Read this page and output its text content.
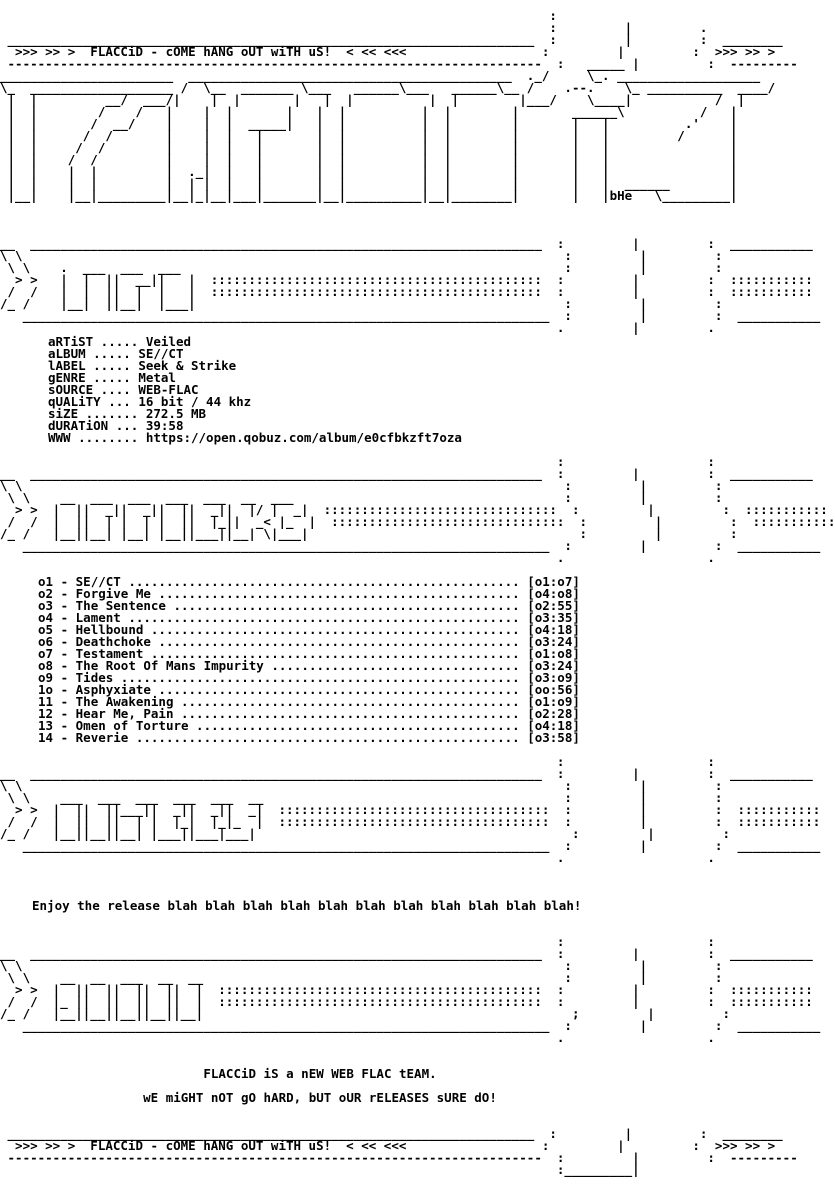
:
:         |         .
______________________________________________________________________  :         |         :  ________
>>> >> >  FLACCiD - cOME hANG oUT wiTH uS!  < << <<<                  :         |         :  >>> >> >
-----------------------------------------------------------------------  :   _____ |         :  ---------
_______________________  ___________________________________________  ._/     \_. ___________________
\_  ___________________ /  \__  _______ \___   ______\___   ______\__ /    .--.    \_ __________  ____/
|  |         __/  ___/|    |  |       |   |  |          |  |        |___/    \____|           /  |
|  |        /    /   |    |  |       |   |  |          |  |        |       ______\          /   |
|  |       /  __/    |    |  |  _____|   |  |          |  |        |       |   |          .'    |
|  |      /  /       |    |  |   |       |  |          |  |        |       |   |         /      |
|  |     /  /        |    |  |   |       |  |          |  |        |       |   |                |
|  |    /  /         |    |  |   |       |  |          |  |        |       |   |                |
|  |    |  |         |  ._|  |   |       |  |          |  |        |       |   |                |
|  |    |  |         |  | |  |   |       |  |          |  |        |       |   |  ______        |
|__|    |__|_________|__|_|__|___|_______|__|__________|__|________|       |   |bHe   \_________|

__  ____________________________________________________________________  :         |         :  ___________
\ \                                                                        :         |         :
\ \    .  ___  ___  ___                                                   :         |         :
> >   |  |  ||  __||   |  ::::::::::::::::::::::::::::::::::::::::::::  :         |         :  :::::::::::
/  /   |  |  ||  |  |   |  ::::::::::::::::::::::::::::::::::::::::::::  :         |         :  :::::::::::
/_ /    |__|  ||__|  |___|                                                 :         |         :
______________________________________________________________________  :         |         :  ___________
.         |         .

aRTiST ..... Veiled
aLBUM ..... SE//CT
lABEL ..... Seek & Strike
gENRE ..... Metal
sOURCE .... WEB-FLAC
qUALiTY ... 16 bit / 44 khz
siZE ....... 272.5 MB
dURATiON ... 39:58
WWW ........ https://open.qobuz.com/album/e0cfbkzft7oza
:                   :
__  ____________________________________________________________________  :         |         :  ___________
\ \                                                                        :         |         :
\ \    __  ___  ___  ___  ___  __  ___                                    :         |         :
> >  |  ||  _||  _||  ||  _||  |/ |  _|  :::::::::::::::::::::::::::::::  :         |         :  :::::::::::
/  /  |  ||  | |  | |  ||  |_||  _< |_  |  :::::::::::::::::::::::::::::::  :         |         :  :::::::::::
/_ /   |__||__| |__| |__||___||__| \|___|                                    :         |         :
______________________________________________________________________  :         |         :  ___________
.                   .

o1 - SE//CT .................................................... [o1:o7]
o2 - Forgive Me ................................................ [o4:o8]
o3 - The Sentence .............................................. [o2:55]
o4 - Lament .................................................... [o3:35]
o5 - Hellbound ................................................. [o4:18]
o6 - Deathchoke ................................................ [o3:24]
o7 - Testament ................................................. [o1:o8]
o8 - The Root Of Mans Impurity ................................. [o3:24]
o9 - Tides ..................................................... [o3:o9]
1o - Asphyxiate ................................................ [oo:56]
11 - The Awakening ............................................. [o1:o9]
12 - Hear Me, Pain ............................................. [o2:28]
13 - Omen of Torture ........................................... [o4:18]
14 - Reverie ................................................... [o3:58]
:                   :
__  ____________________________________________________________________  :         |         :  ___________
\ \                                                                        :         |         :
\ \    ___  ___  ___  ___  ___  __                                        :         |         :
> >  |  ||  ||___||  _||  _||  _|  ::::::::::::::::::::::::::::::::::::  :         |         :  :::::::::::
/  /  |  ||  ||  | |  |_|  |_|_  |  ::::::::::::::::::::::::::::::::::::  :         |         :  :::::::::::
/_ /   |__||__||__| |___||___|___|                                          :         |         :
______________________________________________________________________  :         |         :  ___________
.                   .

Enjoy the release blah blah blah blah blah blah blah blah blah blah blah!
:                   :
__  ____________________________________________________________________  :         |         :  ___________
\ \                                                                        :         |         :
\ \    __  __  ___  __  __                                                :         |         :
> >  |  ||  ||  ||  ||  |  :::::::::::::::::::::::::::::::::::::::::::  :         |         :  :::::::::::
/  /  |_ ||  ||  ||  ||  |  :::::::::::::::::::::::::::::::::::::::::::  :         |         :  :::::::::::
/_ /   |__||__||__||__||__|                                                 ;         |         :
______________________________________________________________________  :         |         :  ___________
.                   .

FLACCiD iS a nEW WEB FLAC tEAM.
wE miGHT nOT gO hARD, bUT oUR rELEASES sURE dO!
______________________________________________________________________  :         |         :  ________
>>> >> >  FLACCiD - cOME hANG oUT wiTH uS!  < << <<<                  :         |         :  >>> >> >
-----------------------------------------------------------------------  :         |         :  ---------
:_________|
